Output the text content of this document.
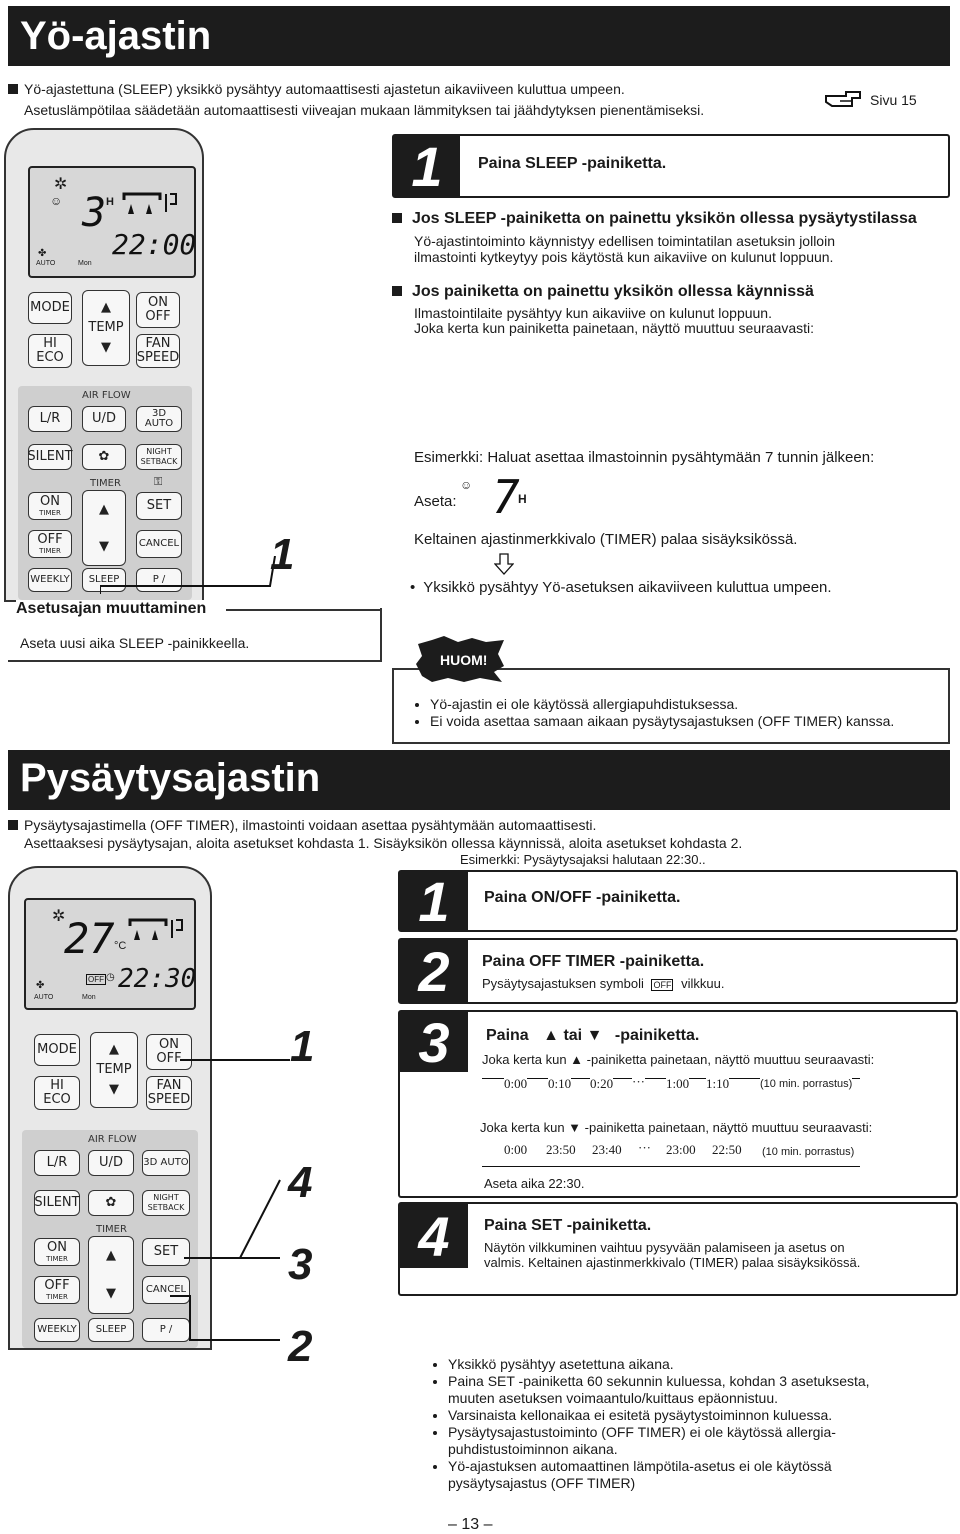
Yö-ajastin
Yö-ajastettuna (SLEEP) yksikkö pysähtyy automaattisesti ajastetun aikaviiveen kuluttua umpeen.
Asetuslämpötilaa säädetään automaattisesti viiveajan mukaan lämmityksen tai jäähdytyksen pienentämiseksi.
Sivu 15
✲
☺ 3 H
22:00
✤
AUTO	Mon
MODE ▲
TEMP
▼
ON
OFF
HI
ECO
FAN
SPEED
AIR FLOW
L/R	U/D	3D AUTO
SILENT ✿	NIGHT
SETBACK
TIMER	⚿
ON
TIMER	▲
▼
SET
OFF
TIMER
CANCEL
WEEKLY	SLEEP	P /
1
Asetusajan muuttaminen
Aseta uusi aika SLEEP -painikkeella.
1	Paina SLEEP -painiketta.
Jos SLEEP -painiketta on painettu yksikön ollessa pysäytystilassa
Yö-ajastintoiminto käynnistyy edellisen toimintatilan asetuksin jolloin
ilmastointi kytkeytyy pois käytöstä kun aikaviive on kulunut loppuun.
Jos painiketta on painettu yksikön ollessa käynnissä
Ilmastointilaite pysähtyy kun aikaviive on kulunut loppuun.
Joka kerta kun painiketta painetaan, näyttö muuttuu seuraavasti:
Esimerkki: Haluat asettaa ilmastoinnin pysähtymään 7 tunnin jälkeen:
Aseta:
☺ 7
H
Keltainen ajastinmerkkivalo (TIMER) palaa sisäyksikössä.
• Yksikkö pysähtyy Yö-asetuksen aikaviiveen kuluttua umpeen.
HUOM!
• Yö-ajastin ei ole käytössä allergiapuhdistuksessa.
• Ei voida asettaa samaan aikaan pysäytysajastuksen (OFF TIMER) kanssa.
Pysäytysajastin
Pysäytysajastimella (OFF TIMER), ilmastointi voidaan asettaa pysähtymään automaattisesti.
Asettaaksesi pysäytysajan, aloita asetukset kohdasta 1. Sisäyksikön ollessa käynnissä, aloita asetukset kohdasta 2.
Esimerkki: Pysäytysajaksi halutaan 22:30..
✲
27 °C
OFF ◷ 22:30
✤
AUTO	Mon
MODE ▲
TEMP
▼
ON
OFF
HI
ECO
FAN
SPEED
AIR FLOW
L/R	U/D	3D AUTO
SILENT ✿	NIGHT
SETBACK
TIMER
ON
TIMER	▲
▼
SET
OFF
TIMER
CANCEL
WEEKLY	SLEEP	P /
1
4
3
2
1	Paina ON/OFF -painiketta.
2	Paina OFF TIMER -painiketta.
Pysäytysajastuksen symboli OFF vilkkuu.
3	Paina ▲ tai ▼ -painiketta.
Joka kerta kun ▲ -painiketta painetaan, näyttö muuttuu seuraavasti:
0:00 0:10 0:20 ··· 1:00 1:10	(10 min. porrastus)
Joka kerta kun ▼ -painiketta painetaan, näyttö muuttuu seuraavasti:
0:00 23:50 23:40 ··· 23:00 22:50 (10 min. porrastus)
Aseta aika 22:30.
4	Paina SET -painiketta.
Näytön vilkkuminen vaihtuu pysyvään palamiseen ja asetus on
valmis. Keltainen ajastinmerkkivalo (TIMER) palaa sisäyksikössä.
• Yksikkö pysähtyy asetettuna aikana.
• Paina SET -painiketta 60 sekunnin kuluessa, kohdan 3 asetuksesta, muuten asetuksen voimaantulo/kuittaus epäonnistuu.
• Varsinaista kellonaikaa ei esitetä pysäytystoiminnon kuluessa.
• Pysäytysajastustoiminto (OFF TIMER) ei ole käytössä allergia-puhdistustoiminnon aikana.
• Yö-ajastuksen automaattinen lämpötila-asetus ei ole käytössä pysäytysajastus (OFF TIMER)
– 13 –
